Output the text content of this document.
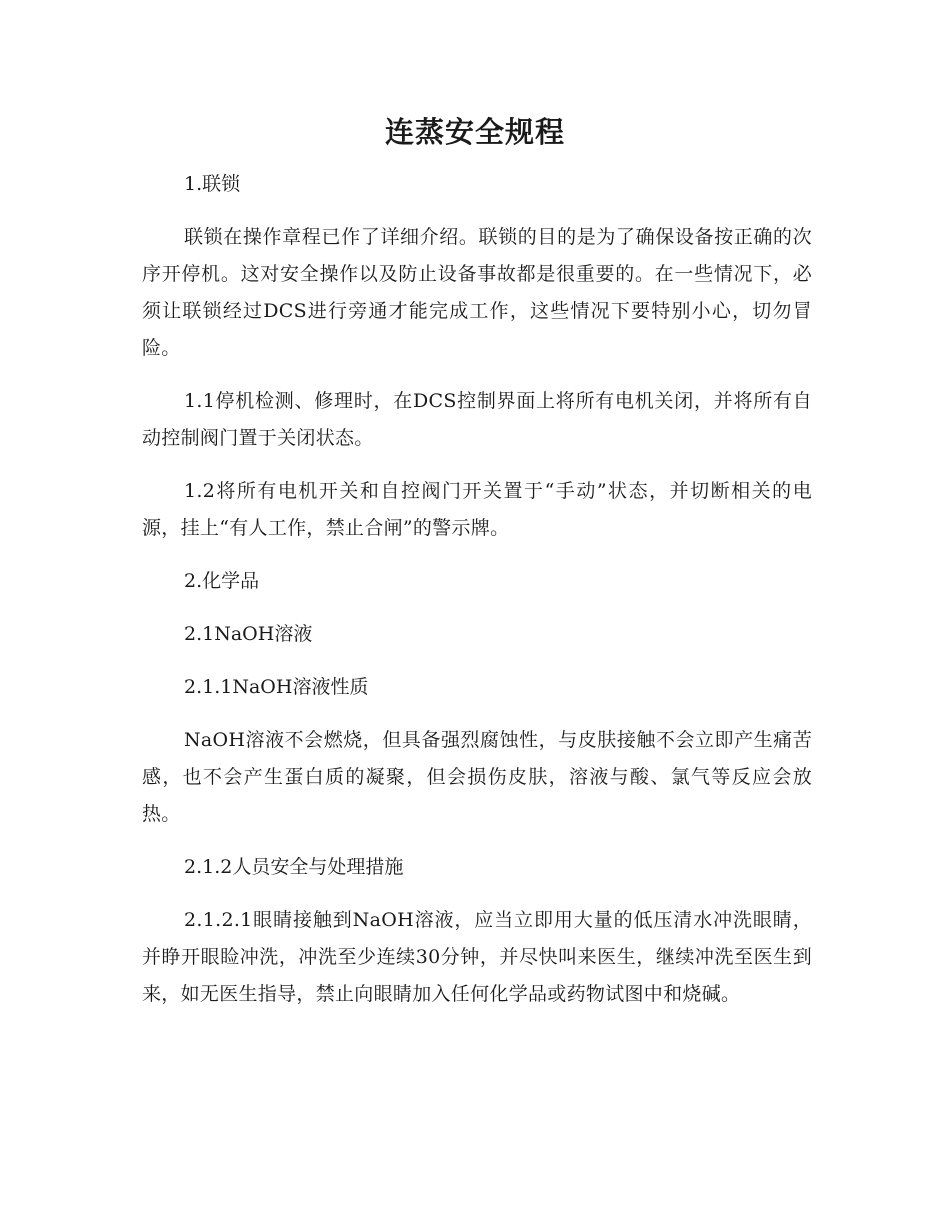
连蒸安全规程

1.联锁

联锁在操作章程已作了详细介绍。联锁的目的是为了确保设备按正确的次序开停机。这对安全操作以及防止设备事故都是很重要的。在一些情况下，必须让联锁经过DCS进行旁通才能完成工作，这些情况下要特别小心，切勿冒险。

1.1停机检测、修理时，在DCS控制界面上将所有电机关闭，并将所有自动控制阀门置于关闭状态。

1.2将所有电机开关和自控阀门开关置于“手动”状态，并切断相关的电源，挂上“有人工作，禁止合闸”的警示牌。

2.化学品

2.1NaOH溶液

2.1.1NaOH溶液性质

NaOH溶液不会燃烧，但具备强烈腐蚀性，与皮肤接触不会立即产生痛苦感，也不会产生蛋白质的凝聚，但会损伤皮肤，溶液与酸、氯气等反应会放热。

2.1.2人员安全与处理措施

2.1.2.1眼睛接触到NaOH溶液，应当立即用大量的低压清水冲洗眼睛，并睁开眼睑冲洗，冲洗至少连续30分钟，并尽快叫来医生，继续冲洗至医生到来，如无医生指导，禁止向眼睛加入任何化学品或药物试图中和烧碱。
